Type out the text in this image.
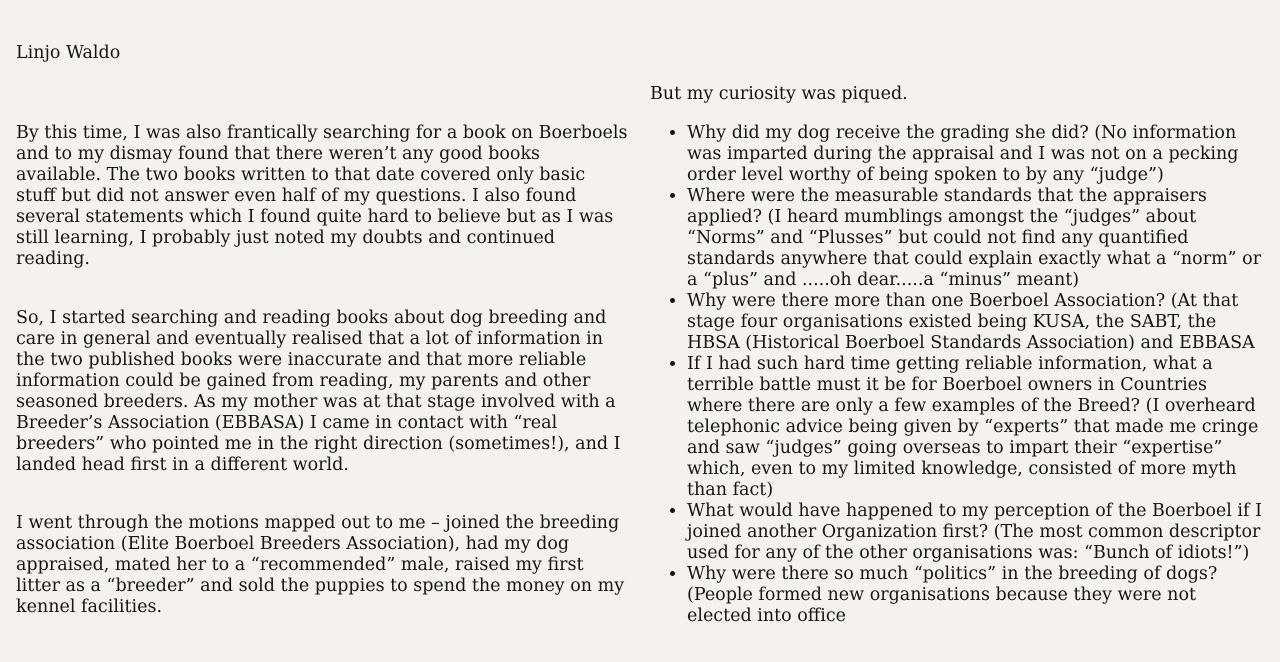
Linjo Waldo

By this time, I was also frantically searching for a book on Boerboels and to my dismay found that there weren’t any good books available. The two books written to that date covered only basic stuff but did not answer even half of my questions. I also found several statements which I found quite hard to believe but as I was still learning, I probably just noted my doubts and continued reading.

So, I started searching and reading books about dog breeding and care in general and eventually realised that a lot of information in the two published books were inaccurate and that more reliable information could be gained from reading, my parents and other seasoned breeders. As my mother was at that stage involved with a Breeder’s Association (EBBASA) I came in contact with “real breeders” who pointed me in the right direction (sometimes!), and I landed head first in a different world.

I went through the motions mapped out to me – joined the breeding association (Elite Boerboel Breeders Association), had my dog appraised, mated her to a “recommended” male, raised my first litter as a “breeder” and sold the puppies to spend the money on my kennel facilities.

But my curiosity was piqued.

• Why did my dog receive the grading she did? (No information was imparted during the appraisal and I was not on a pecking order level worthy of being spoken to by any “judge”)
• Where were the measurable standards that the appraisers applied? (I heard mumblings amongst the “judges” about “Norms” and “Plusses” but could not find any quantified standards anywhere that could explain exactly what a “norm” or a “plus” and .....oh dear.....a “minus” meant)
• Why were there more than one Boerboel Association? (At that stage four organisations existed being KUSA, the SABT, the HBSA (Historical Boerboel Standards Association) and EBBASA
• If I had such hard time getting reliable information, what a terrible battle must it be for Boerboel owners in Countries where there are only a few examples of the Breed? (I overheard telephonic advice being given by “experts” that made me cringe and saw “judges” going overseas to impart their “expertise” which, even to my limited knowledge, consisted of more myth than fact)
• What would have happened to my perception of the Boerboel if I joined another Organization first? (The most common descriptor used for any of the other organisations was: “Bunch of idiots!”)
• Why were there so much “politics” in the breeding of dogs? (People formed new organisations because they were not elected into office
